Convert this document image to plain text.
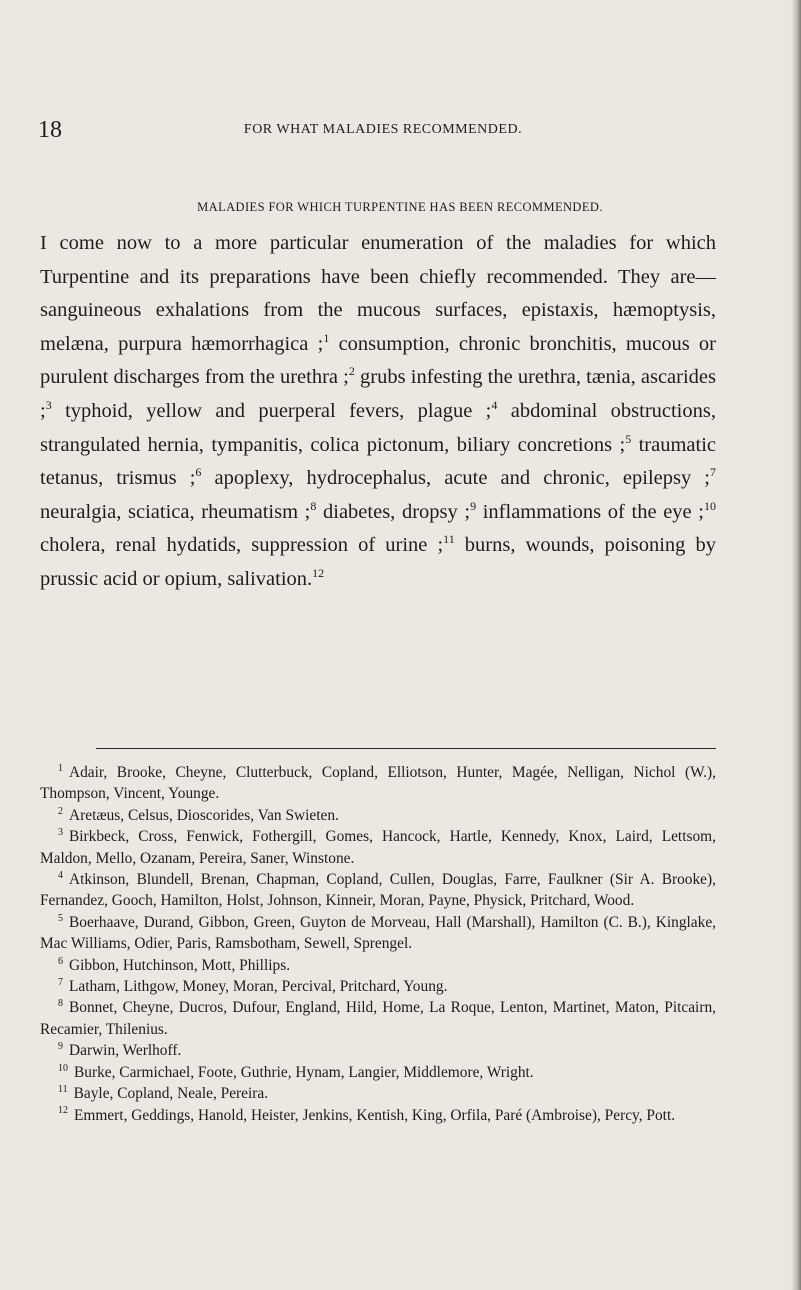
18	FOR WHAT MALADIES RECOMMENDED.
MALADIES FOR WHICH TURPENTINE HAS BEEN RECOMMENDED.

I come now to a more particular enumeration of the maladies for which Turpentine and its preparations have been chiefly recommended. They are—sanguineous exhalations from the mucous surfaces, epistaxis, hæmoptysis, melæna, purpura hæmorrhagica ;$^1$ consumption, chronic bronchitis, mucous or purulent discharges from the urethra ;$^2$ grubs infesting the urethra, tænia, ascarides ;$^3$ typhoid, yellow and puerperal fevers, plague ;$^4$ abdominal obstructions, strangulated hernia, tympanitis, colica pictonum, biliary concretions ;$^5$ traumatic tetanus, trismus ;$^6$ apoplexy, hydrocephalus, acute and chronic, epilepsy ;$^7$ neuralgia, sciatica, rheumatism ;$^8$ diabetes, dropsy ;$^9$ inflammations of the eye ;$^{10}$ cholera, renal hydatids, suppression of urine ;$^{11}$ burns, wounds, poisoning by prussic acid or opium, salivation.$^{12}$

$^1$ Adair, Brooke, Cheyne, Clutterbuck, Copland, Elliotson, Hunter, Magée, Nelligan, Nichol (W.), Thompson, Vincent, Younge.

$^2$ Aretæus, Celsus, Dioscorides, Van Swieten.

$^3$ Birkbeck, Cross, Fenwick, Fothergill, Gomes, Hancock, Hartle, Kennedy, Knox, Laird, Lettsom, Maldon, Mello, Ozanam, Pereira, Saner, Winstone.

$^4$ Atkinson, Blundell, Brenan, Chapman, Copland, Cullen, Douglas, Farre, Faulkner (Sir A. Brooke), Fernandez, Gooch, Hamilton, Holst, Johnson, Kinneir, Moran, Payne, Physick, Pritchard, Wood.

$^5$ Boerhaave, Durand, Gibbon, Green, Guyton de Morveau, Hall (Marshall), Hamilton (C. B.), Kinglake, Mac Williams, Odier, Paris, Ramsbotham, Sewell, Sprengel.

$^6$ Gibbon, Hutchinson, Mott, Phillips.

$^7$ Latham, Lithgow, Money, Moran, Percival, Pritchard, Young.

$^8$ Bonnet, Cheyne, Ducros, Dufour, England, Hild, Home, La Roque, Lenton, Martinet, Maton, Pitcairn, Recamier, Thilenius.

$^9$ Darwin, Werlhoff.

$^{10}$ Burke, Carmichael, Foote, Guthrie, Hynam, Langier, Middlemore, Wright.

$^{11}$ Bayle, Copland, Neale, Pereira.

$^{12}$ Emmert, Geddings, Hanold, Heister, Jenkins, Kentish, King, Orfila, Paré (Ambroise), Percy, Pott.
